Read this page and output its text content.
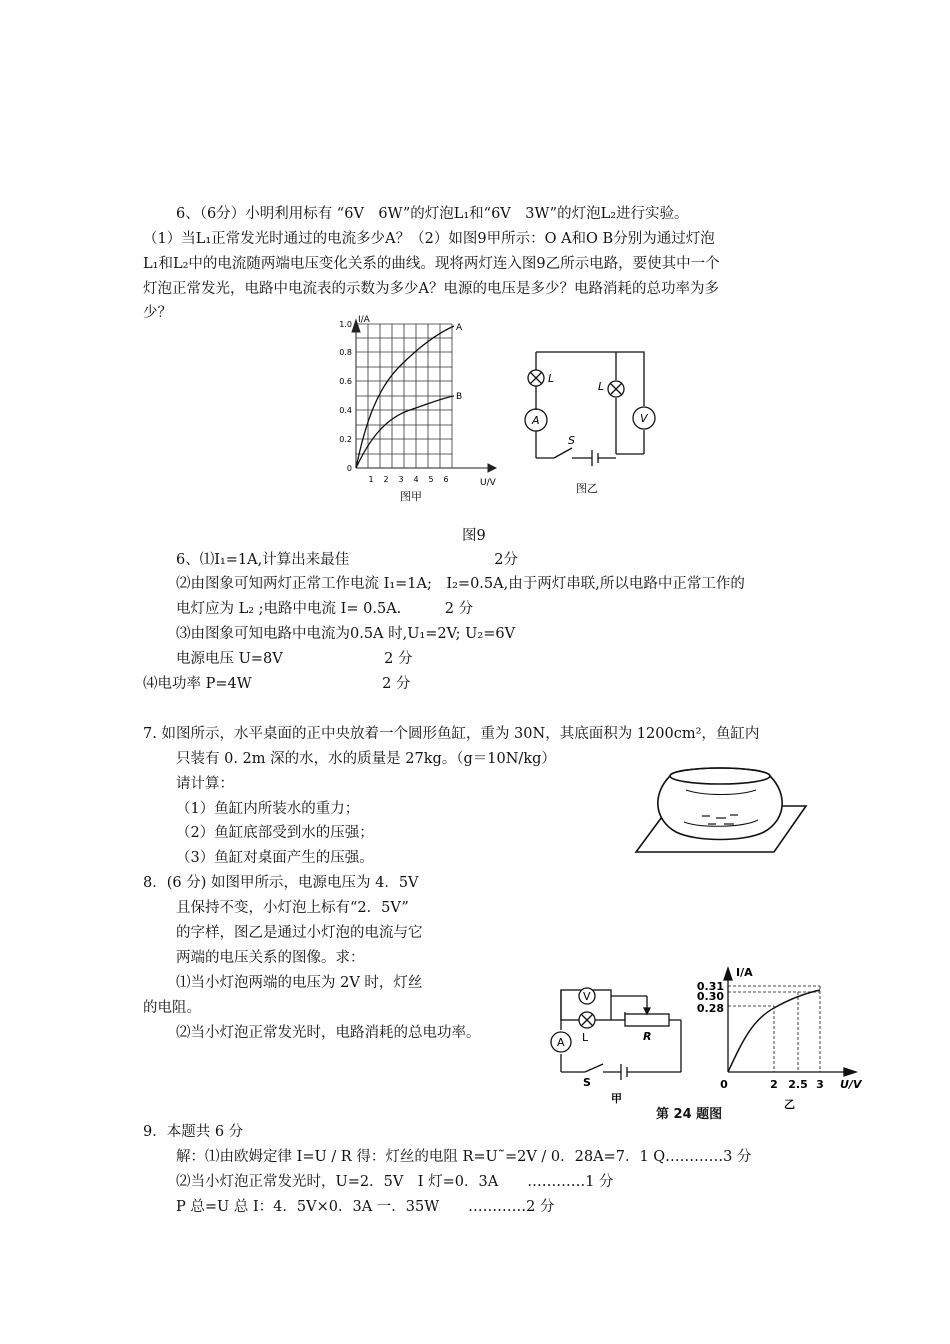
6、（6分）小明利用标有 “6V　6W”的灯泡L₁和“6V　3W”的灯泡L₂进行实验。
（1）当L₁正常发光时通过的电流多少A？（2）如图9甲所示：O A和O B分别为通过灯泡
L₁和L₂中的电流随两端电压变化关系的曲线。现将两灯连入图9乙所示电路，要使其中一个
灯泡正常发光，电路中电流表的示数为多少A？电源的电压是多少？电路消耗的总功率为多
少？	I/A
A
B
1.0
0.8
0.6
0.4
0.2
0
1 2 3 4 5 6	U/V
图甲
L
L
A	V
S
图乙
图9
6、⑴I₁=1A,计算出来最佳　　　　　　　　　　2分
⑵由图象可知两灯正常工作电流 I₁=1A;　I₂=0.5A,由于两灯串联,所以电路中正常工作的
电灯应为 L₂ ;电路中电流 I= 0.5A.　　　2 分
⑶由图象可知电路中电流为0.5A 时,U₁=2V; U₂=6V
电源电压 U=8V　　　　　　　2 分
⑷电功率 P=4W　　　　　　　　　2 分
7. 如图所示，水平桌面的正中央放着一个圆形鱼缸，重为 30N，其底面积为 1200cm²，鱼缸内
只装有 0. 2m 深的水，水的质量是 27kg。（g＝10N/kg）
请计算：
（1）鱼缸内所装水的重力；
（2）鱼缸底部受到水的压强；
（3）鱼缸对桌面产生的压强。
8．(6 分) 如图甲所示，电源电压为 4．5V
且保持不变，小灯泡上标有“2．5V”
的字样，图乙是通过小灯泡的电流与它
两端的电压关系的图像。求：
⑴当小灯泡两端的电压为 2V 时，灯丝
的电阻。
⑵当小灯泡正常发光时，电路消耗的总电功率。
V
A L	R
S
甲
第 24 题图
I/A
0.31
0.30
0.28
0	2 2.5 3 U/V
乙
9．本题共 6 分
解：⑴由欧姆定律 I=U / R 得：灯丝的电阻 R=U˜=2V / 0．28A=7．1 Q…………3 分
⑵当小灯泡正常发光时，U=2．5V　I 灯=0．3A　　…………1 分
P 总=U 总 I：4．5V×0．3A 一．35W　　…………2 分
